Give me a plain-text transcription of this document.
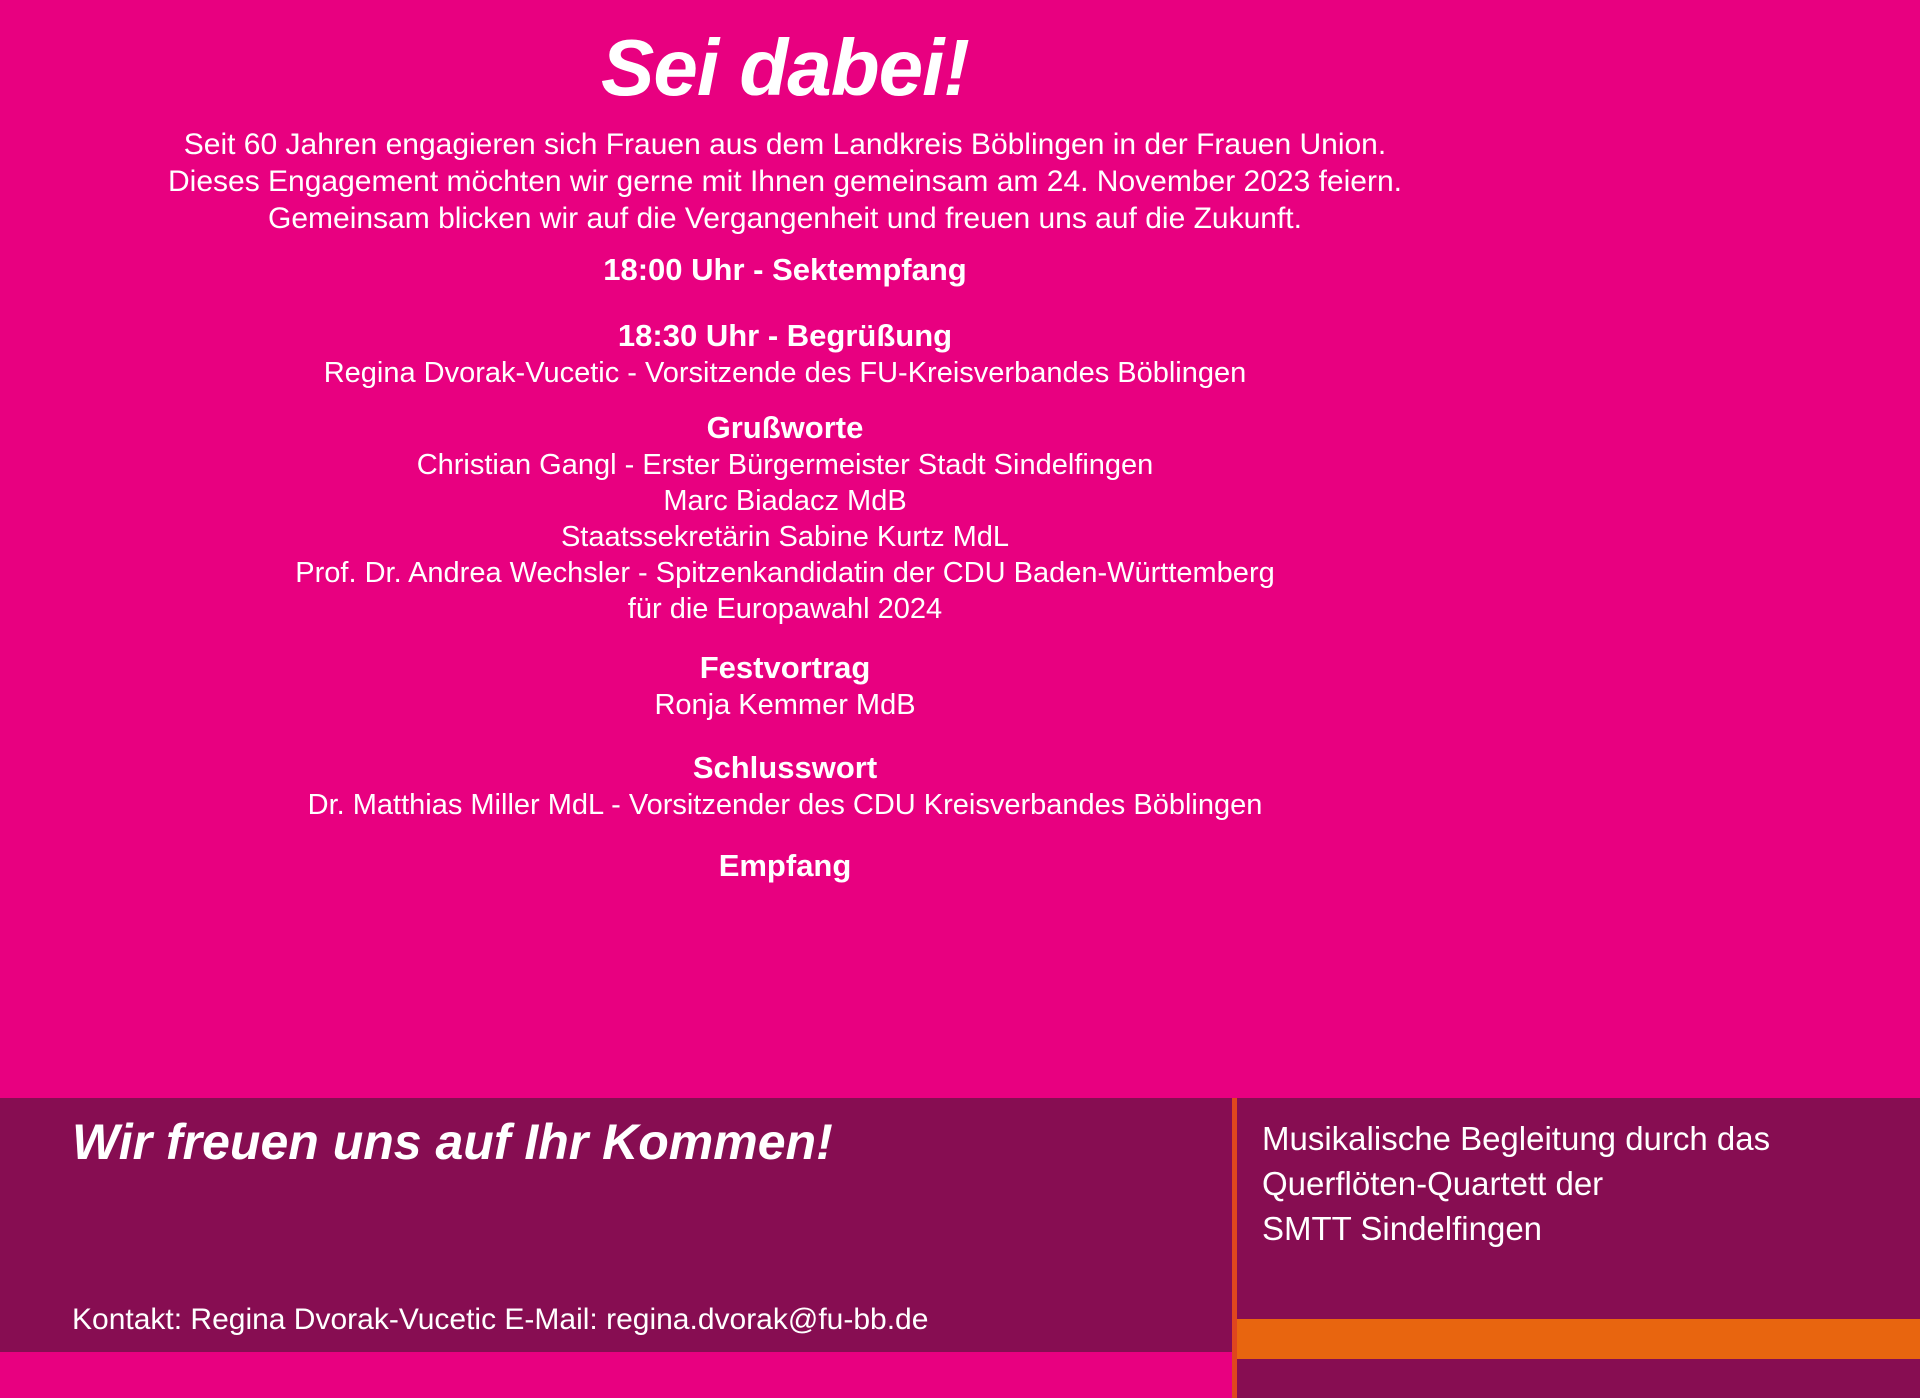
Sei dabei!
Seit 60 Jahren engagieren sich Frauen aus dem Landkreis Böblingen in der Frauen Union.
Dieses Engagement möchten wir gerne mit Ihnen gemeinsam am 24. November 2023 feiern.
Gemeinsam blicken wir auf die Vergangenheit und freuen uns auf die Zukunft.
18:00 Uhr - Sektempfang
18:30 Uhr - Begrüßung
Regina Dvorak-Vucetic - Vorsitzende des FU-Kreisverbandes Böblingen
Grußworte
Christian Gangl - Erster Bürgermeister Stadt Sindelfingen
Marc Biadacz MdB
Staatssekretärin Sabine Kurtz MdL
Prof. Dr. Andrea Wechsler - Spitzenkandidatin der CDU Baden-Württemberg
für die Europawahl 2024
Festvortrag
Ronja Kemmer MdB
Schlusswort
Dr. Matthias Miller MdL - Vorsitzender des CDU Kreisverbandes Böblingen
Empfang
Wir freuen uns auf Ihr Kommen!
Kontakt: Regina Dvorak-Vucetic E-Mail: regina.dvorak@fu-bb.de
Musikalische Begleitung durch das
Querflöten-Quartett der
SMTT Sindelfingen
